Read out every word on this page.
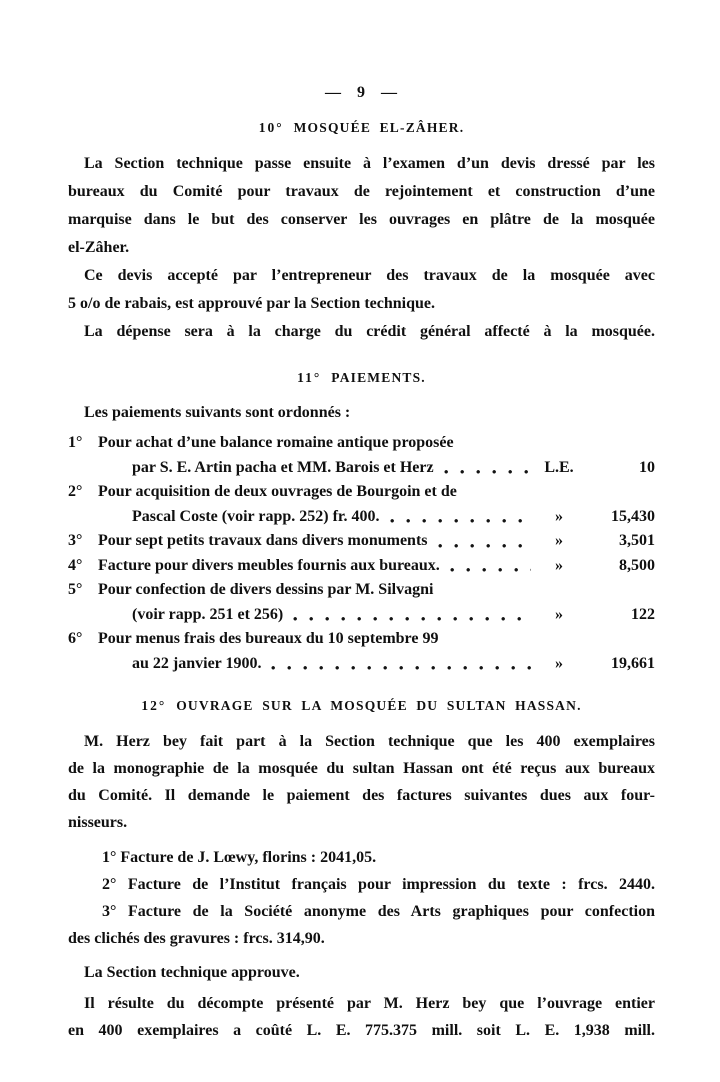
— 9 —
10° MOSQUÉE EL-ZÂHER.
La Section technique passe ensuite à l’examen d’un devis dressé par les
bureaux du Comité pour travaux de rejointement et construction d’une
marquise dans le but des conserver les ouvrages en plâtre de la mosquée
el-Zâher.
Ce devis accepté par l’entrepreneur des travaux de la mosquée avec
5 o/o de rabais, est approuvé par la Section technique.
La dépense sera à la charge du crédit général affecté à la mosquée.
11° PAIEMENTS.
Les paiements suivants sont ordonnés :
1° Pour achat d’une balance romaine antique proposée
par S. E. Artin pacha et MM. Barois et Herz	L.E.	10
2° Pour acquisition de deux ouvrages de Bourgoin et de
Pascal Coste (voir rapp. 252) fr. 400.	»	15,430
3° Pour sept petits travaux dans divers monuments	»	3,501
4° Facture pour divers meubles fournis aux bureaux.	»	8,500
5° Pour confection de divers dessins par M. Silvagni
(voir rapp. 251 et 256)	»	122
6° Pour menus frais des bureaux du 10 septembre 99
au 22 janvier 1900.	»	19,661
12° OUVRAGE SUR LA MOSQUÉE DU SULTAN HASSAN.
M. Herz bey fait part à la Section technique que les 400 exemplaires
de la monographie de la mosquée du sultan Hassan ont été reçus aux bureaux
du Comité. Il demande le paiement des factures suivantes dues aux four-
nisseurs.
1° Facture de J. Lœwy, florins : 2041,05.
2° Facture de l’Institut français pour impression du texte : frcs. 2440.
3° Facture de la Société anonyme des Arts graphiques pour confection
des clichés des gravures : frcs. 314,90.
La Section technique approuve.
Il résulte du décompte présenté par M. Herz bey que l’ouvrage entier
en 400 exemplaires a coûté L. E. 775.375 mill. soit L. E. 1,938 mill.
